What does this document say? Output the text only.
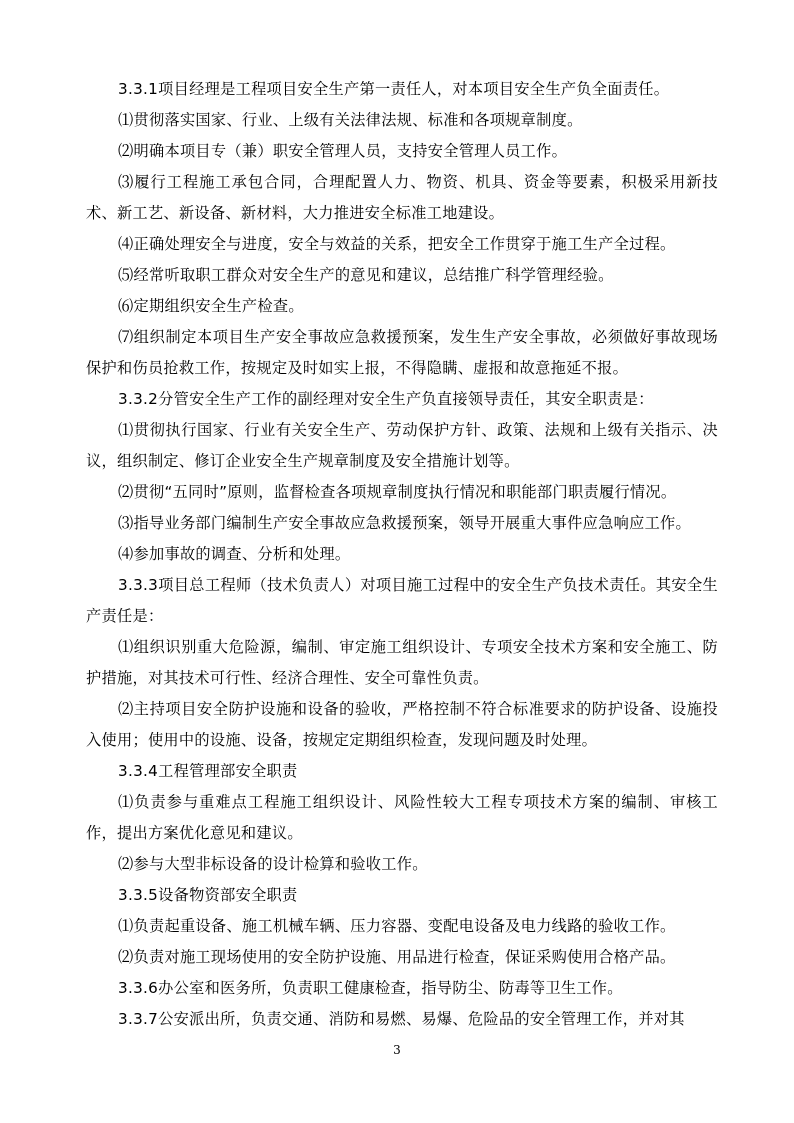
3.3.1项目经理是工程项目安全生产第一责任人，对本项目安全生产负全面责任。

⑴贯彻落实国家、行业、上级有关法律法规、标准和各项规章制度。

⑵明确本项目专（兼）职安全管理人员，支持安全管理人员工作。

⑶履行工程施工承包合同，合理配置人力、物资、机具、资金等要素，积极采用新技术、新工艺、新设备、新材料，大力推进安全标准工地建设。

⑷正确处理安全与进度，安全与效益的关系，把安全工作贯穿于施工生产全过程。

⑸经常听取职工群众对安全生产的意见和建议，总结推广科学管理经验。

⑹定期组织安全生产检查。

⑺组织制定本项目生产安全事故应急救援预案，发生生产安全事故，必须做好事故现场保护和伤员抢救工作，按规定及时如实上报，不得隐瞒、虚报和故意拖延不报。

3.3.2分管安全生产工作的副经理对安全生产负直接领导责任，其安全职责是：

⑴贯彻执行国家、行业有关安全生产、劳动保护方针、政策、法规和上级有关指示、决议，组织制定、修订企业安全生产规章制度及安全措施计划等。

⑵贯彻“五同时”原则，监督检查各项规章制度执行情况和职能部门职责履行情况。

⑶指导业务部门编制生产安全事故应急救援预案，领导开展重大事件应急响应工作。

⑷参加事故的调查、分析和处理。

3.3.3项目总工程师（技术负责人）对项目施工过程中的安全生产负技术责任。其安全生产责任是：

⑴组织识别重大危险源，编制、审定施工组织设计、专项安全技术方案和安全施工、防护措施，对其技术可行性、经济合理性、安全可靠性负责。

⑵主持项目安全防护设施和设备的验收，严格控制不符合标准要求的防护设备、设施投入使用；使用中的设施、设备，按规定定期组织检查，发现问题及时处理。

3.3.4工程管理部安全职责

⑴负责参与重难点工程施工组织设计、风险性较大工程专项技术方案的编制、审核工作，提出方案优化意见和建议。

⑵参与大型非标设备的设计检算和验收工作。

3.3.5设备物资部安全职责

⑴负责起重设备、施工机械车辆、压力容器、变配电设备及电力线路的验收工作。

⑵负责对施工现场使用的安全防护设施、用品进行检查，保证采购使用合格产品。

3.3.6办公室和医务所，负责职工健康检查，指导防尘、防毒等卫生工作。

3.3.7公安派出所，负责交通、消防和易燃、易爆、危险品的安全管理工作，并对其

3
